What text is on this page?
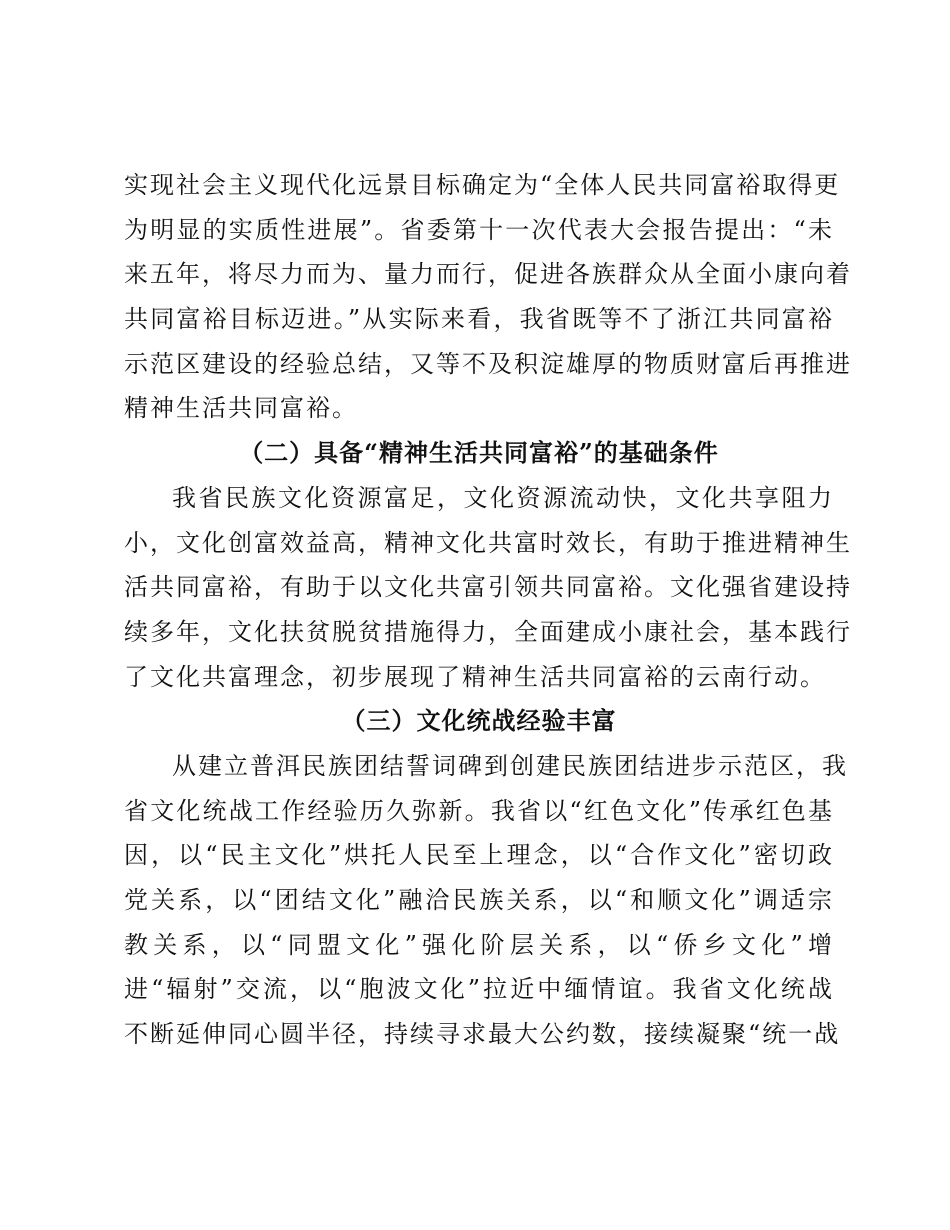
实现社会主义现代化远景目标确定为“全体人民共同富裕取得更
为明显的实质性进展”。省委第十一次代表大会报告提出：“未
来五年，将尽力而为、量力而行，促进各族群众从全面小康向着
共同富裕目标迈进。”从实际来看，我省既等不了浙江共同富裕
示范区建设的经验总结，又等不及积淀雄厚的物质财富后再推进
精神生活共同富裕。
（二）具备“精神生活共同富裕”的基础条件
我省民族文化资源富足，文化资源流动快，文化共享阻力
小，文化创富效益高，精神文化共富时效长，有助于推进精神生
活共同富裕，有助于以文化共富引领共同富裕。文化强省建设持
续多年，文化扶贫脱贫措施得力，全面建成小康社会，基本践行
了文化共富理念，初步展现了精神生活共同富裕的云南行动。
（三）文化统战经验丰富
从建立普洱民族团结誓词碑到创建民族团结进步示范区，我
省文化统战工作经验历久弥新。我省以“红色文化”传承红色基
因，以“民主文化”烘托人民至上理念，以“合作文化”密切政
党关系，以“团结文化”融洽民族关系，以“和顺文化”调适宗
教关系，以“同盟文化”强化阶层关系，以“侨乡文化”增
进“辐射”交流，以“胞波文化”拉近中缅情谊。我省文化统战
不断延伸同心圆半径，持续寻求最大公约数，接续凝聚“统一战
